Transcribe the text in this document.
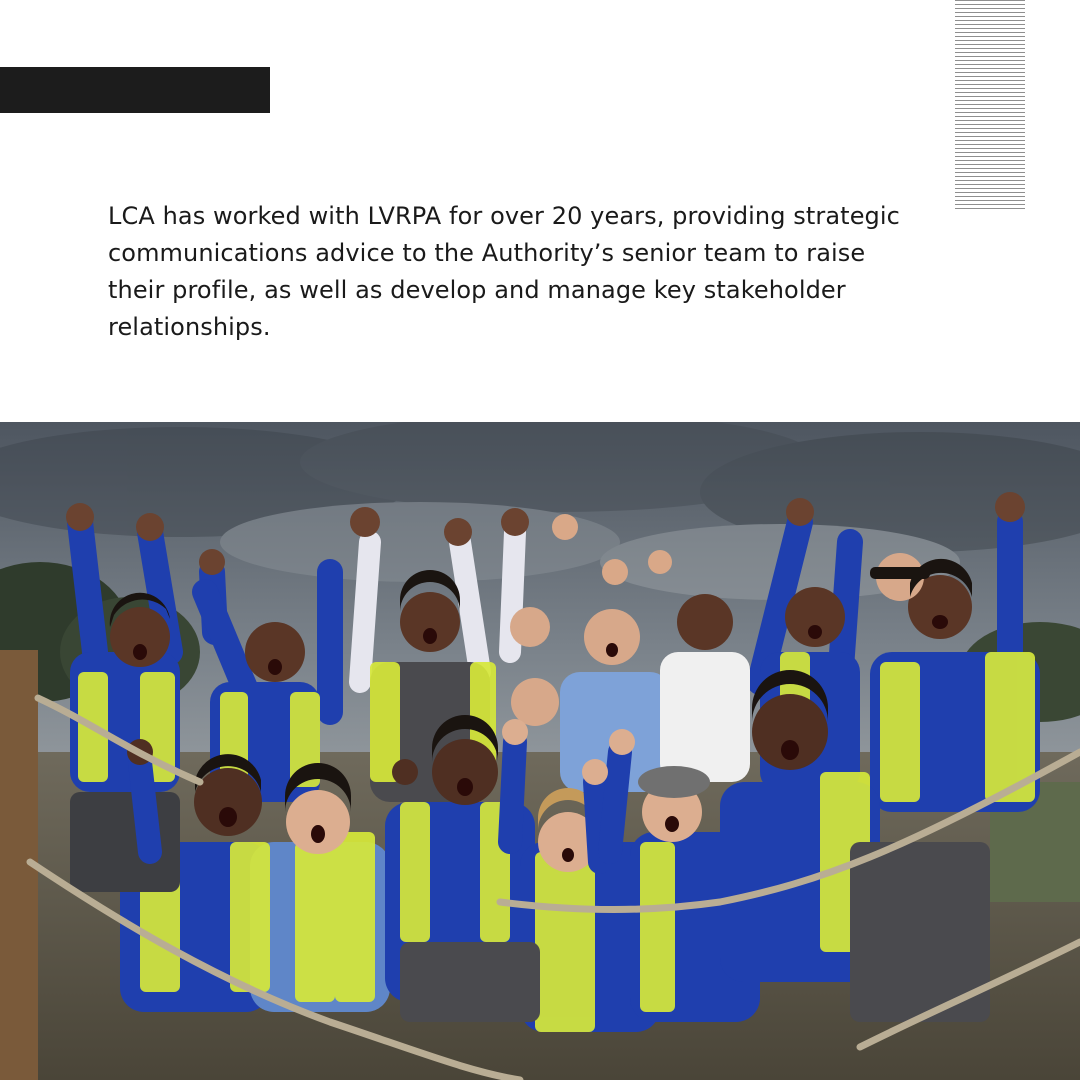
LCA has worked with LVRPA for over 20 years, providing strategic communications advice to the Authority’s senior team to raise their profile, as well as develop and manage key stakeholder relationships.
